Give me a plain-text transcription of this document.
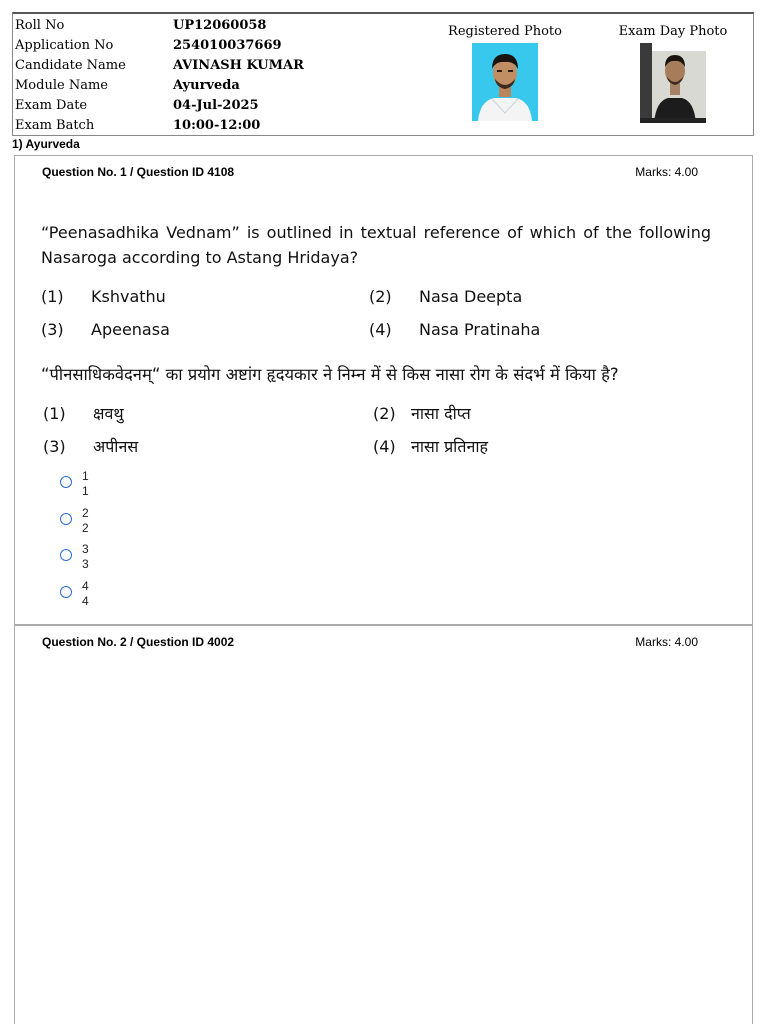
Roll No	UP12060058
Application No	254010037669
Candidate Name	AVINASH KUMAR
Module Name	Ayurveda
Exam Date	04-Jul-2025
Exam Batch	10:00-12:00
Registered Photo	Exam Day Photo
1) Ayurveda
Question No. 1 / Question ID 4108	Marks: 4.00
“Peenasadhika Vednam” is outlined in textual reference of which of the following Nasaroga according to Astang Hridaya?
(1) Kshvathu	(2) Nasa Deepta
(3) Apeenasa	(4) Nasa Pratinaha
“पीनसाधिकवेदनम्“ का प्रयोग अष्टांग हृदयकार ने निम्न में से किस नासा रोग के संदर्भ में किया है?
(1) क्षवथु	(2) नासा दीप्त
(3) अपीनस	(4) नासा प्रतिनाह
1
1
2
2
3
3
4
4
Question No. 2 / Question ID 4002	Marks: 4.00
